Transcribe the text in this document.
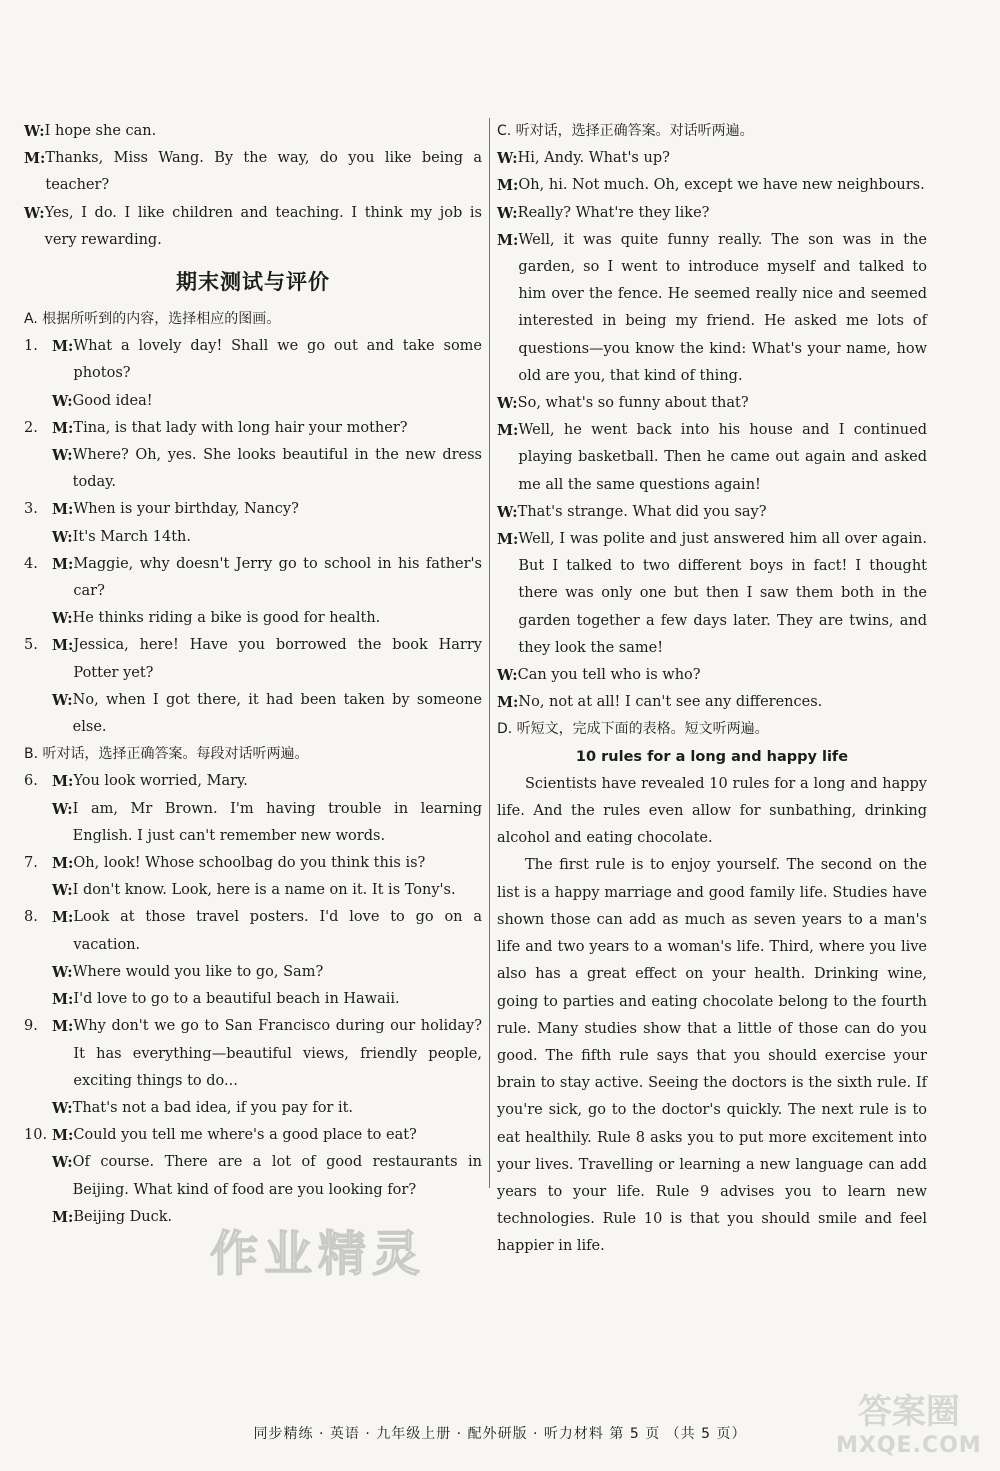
W: I hope she can.
M: Thanks, Miss Wang. By the way, do you like being a teacher?
W: Yes, I do. I like children and teaching. I think my job is very rewarding.
期末测试与评价
A. 根据所听到的内容，选择相应的图画。
1. M: What a lovely day! Shall we go out and take some photos?
W: Good idea!
2. M: Tina, is that lady with long hair your mother?
W: Where? Oh, yes. She looks beautiful in the new dress today.
3. M: When is your birthday, Nancy?
W: It's March 14th.
4. M: Maggie, why doesn't Jerry go to school in his father's car?
W: He thinks riding a bike is good for health.
5. M: Jessica, here! Have you borrowed the book Harry Potter yet?
W: No, when I got there, it had been taken by someone else.
B. 听对话，选择正确答案。每段对话听两遍。
6. M: You look worried, Mary.
W: I am, Mr Brown. I'm having trouble in learning English. I just can't remember new words.
7. M: Oh, look! Whose schoolbag do you think this is?
W: I don't know. Look, here is a name on it. It is Tony's.
8. M: Look at those travel posters. I'd love to go on a vacation.
W: Where would you like to go, Sam?
M: I'd love to go to a beautiful beach in Hawaii.
9. M: Why don't we go to San Francisco during our holiday? It has everything—beautiful views, friendly people, exciting things to do...
W: That's not a bad idea, if you pay for it.
10. M: Could you tell me where's a good place to eat?
W: Of course. There are a lot of good restaurants in Beijing. What kind of food are you looking for?
M: Beijing Duck.
C. 听对话，选择正确答案。对话听两遍。
W: Hi, Andy. What's up?
M: Oh, hi. Not much. Oh, except we have new neighbours.
W: Really? What're they like?
M: Well, it was quite funny really. The son was in the garden, so I went to introduce myself and talked to him over the fence. He seemed really nice and seemed interested in being my friend. He asked me lots of questions—you know the kind: What's your name, how old are you, that kind of thing.
W: So, what's so funny about that?
M: Well, he went back into his house and I continued playing basketball. Then he came out again and asked me all the same questions again!
W: That's strange. What did you say?
M: Well, I was polite and just answered him all over again. But I talked to two different boys in fact! I thought there was only one but then I saw them both in the garden together a few days later. They are twins, and they look the same!
W: Can you tell who is who?
M: No, not at all! I can't see any differences.
D. 听短文，完成下面的表格。短文听两遍。
10 rules for a long and happy life
Scientists have revealed 10 rules for a long and happy life. And the rules even allow for sunbathing, drinking alcohol and eating chocolate.
The first rule is to enjoy yourself. The second on the list is a happy marriage and good family life. Studies have shown those can add as much as seven years to a man's life and two years to a woman's life. Third, where you live also has a great effect on your health. Drinking wine, going to parties and eating chocolate belong to the fourth rule. Many studies show that a little of those can do you good. The fifth rule says that you should exercise your brain to stay active. Seeing the doctors is the sixth rule. If you're sick, go to the doctor's quickly. The next rule is to eat healthily. Rule 8 asks you to put more excitement into your lives. Travelling or learning a new language can add years to your life. Rule 9 advises you to learn new technologies. Rule 10 is that you should smile and feel happier in life.
作业精灵
答案圈
MXQE.COM
同步精练 · 英语 · 九年级上册 · 配外研版 · 听力材料 第 5 页 （共 5 页）
